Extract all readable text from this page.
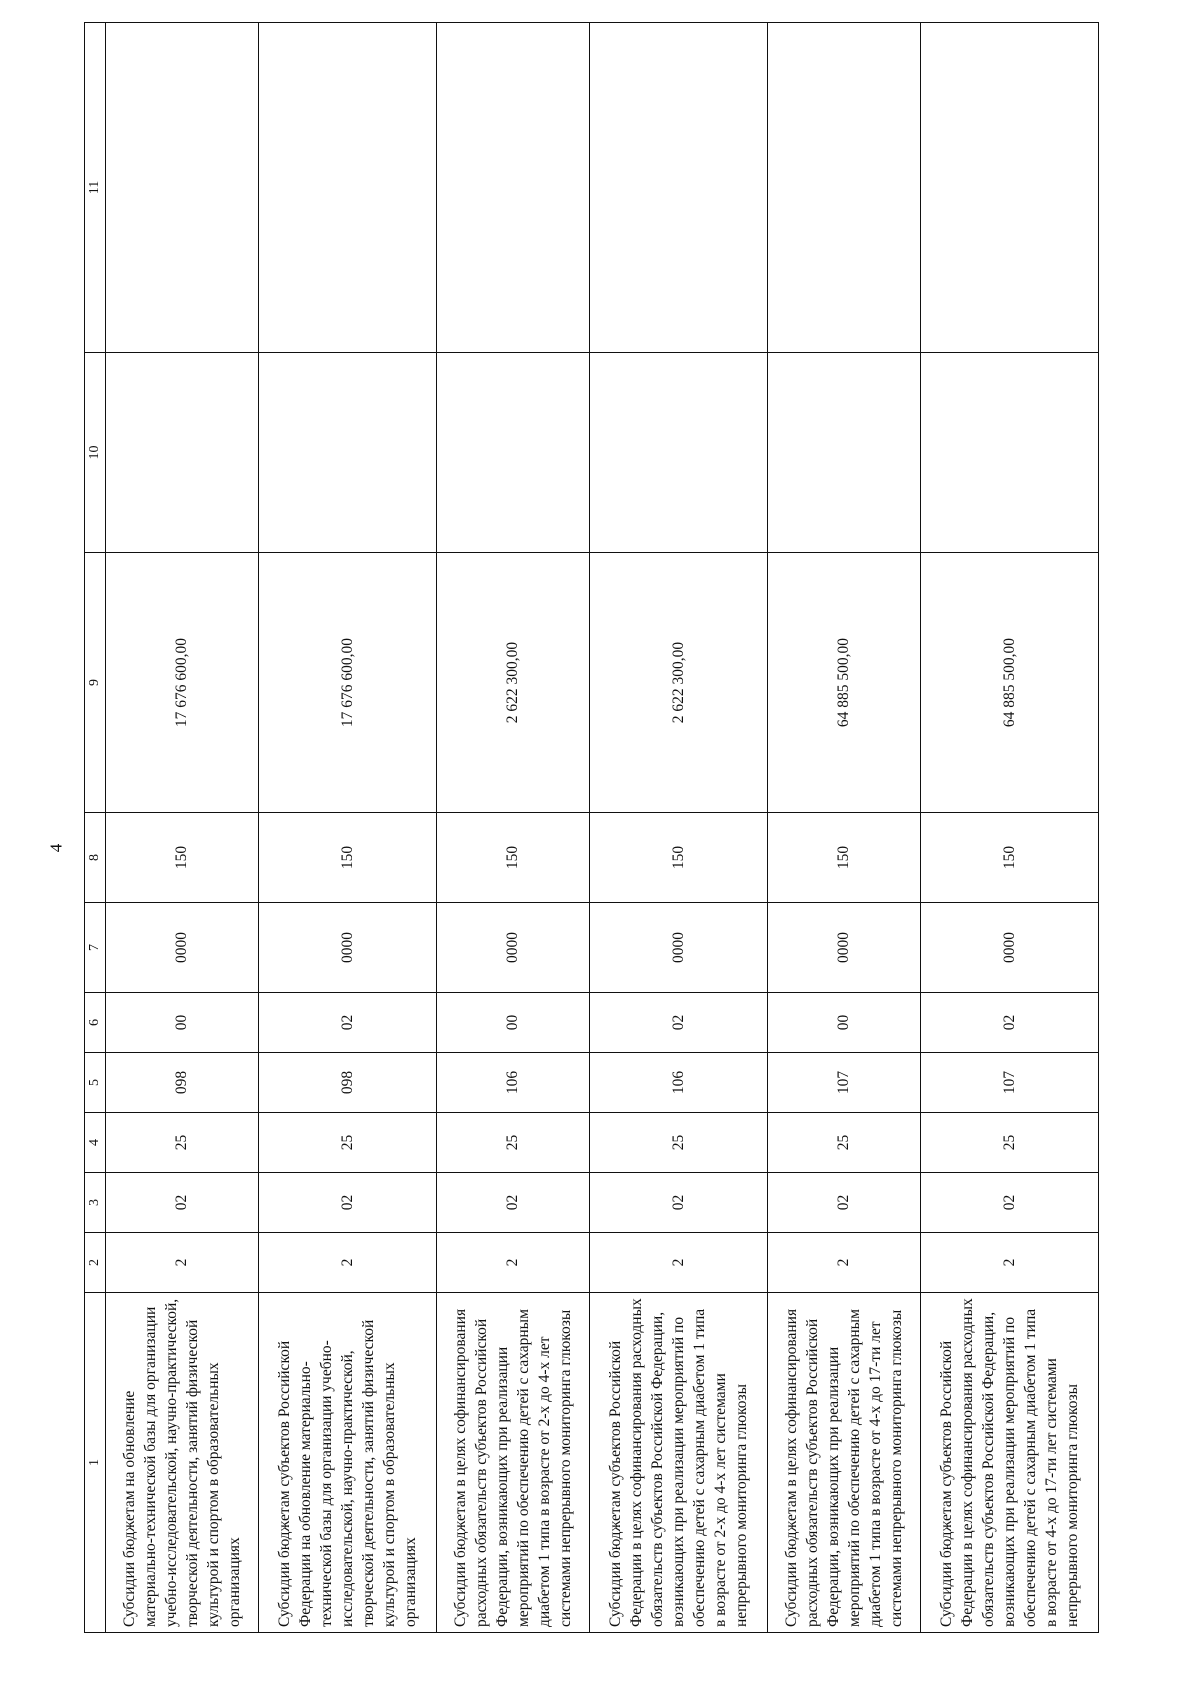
4
1	2	3	4	5	6	7	8	9	10	11
Субсидии бюджетам на обновление материально-технической базы для организации учебно-исследовательской, научно-практической, творческой деятельности, занятий физической культурой и спортом в образовательных организациях	2	02	25	098	00	0000	150	17 676 600,00		
Субсидии бюджетам субъектов Российской Федерации на обновление материально-технической базы для организации учебно-исследовательской, научно-практической, творческой деятельности, занятий физической культурой и спортом в образовательных организациях	2	02	25	098	02	0000	150	17 676 600,00		
Субсидии бюджетам в целях софинансирования расходных обязательств субъектов Российской Федерации, возникающих при реализации мероприятий по обеспечению детей с сахарным диабетом 1 типа в возрасте от 2-х до 4-х лет системами непрерывного мониторинга глюкозы	2	02	25	106	00	0000	150	2 622 300,00		
Субсидии бюджетам субъектов Российской Федерации в целях софинансирования расходных обязательств субъектов Российской Федерации, возникающих при реализации мероприятий по обеспечению детей с сахарным диабетом 1 типа в возрасте от 2-х до 4-х лет системами непрерывного мониторинга глюкозы	2	02	25	106	02	0000	150	2 622 300,00		
Субсидии бюджетам в целях софинансирования расходных обязательств субъектов Российской Федерации, возникающих при реализации мероприятий по обеспечению детей с сахарным диабетом 1 типа в возрасте от 4-х до 17-ти лет системами непрерывного мониторинга глюкозы	2	02	25	107	00	0000	150	64 885 500,00		
Субсидии бюджетам субъектов Российской Федерации в целях софинансирования расходных обязательств субъектов Российской Федерации, возникающих при реализации мероприятий по обеспечению детей с сахарным диабетом 1 типа в возрасте от 4-х до 17-ти лет системами непрерывного мониторинга глюкозы	2	02	25	107	02	0000	150	64 885 500,00		
